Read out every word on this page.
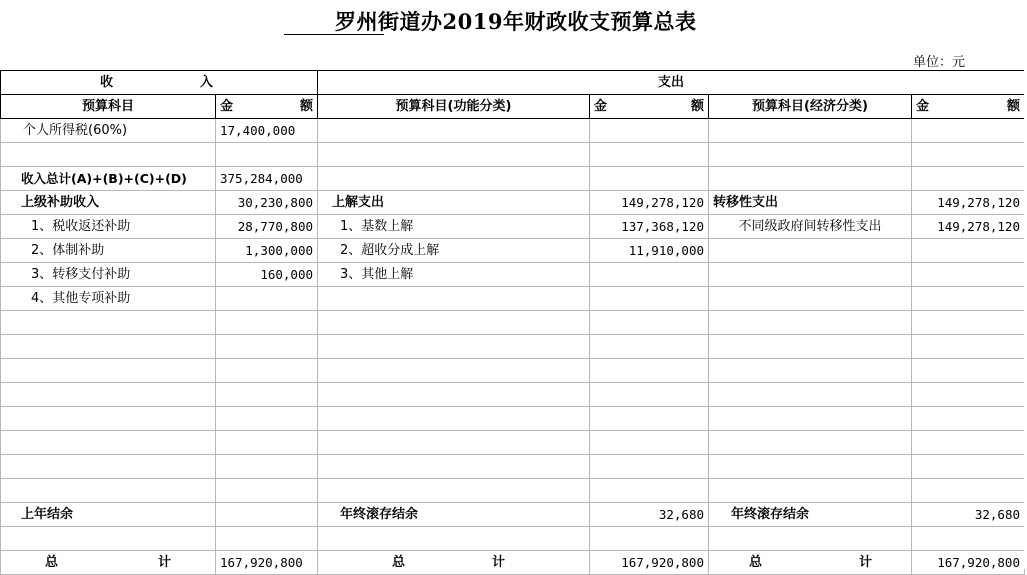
罗州街道办2019年财政收支预算总表
单位：元
收 入		支出			
预算科目	金 额	预算科目(功能分类)	金 额	预算科目(经济分类)	金 额

个人所得税(60%)	17,400,000				

收入总计(A)+(B)+(C)+(D)	375,284,000				
上级补助收入	30,230,800	上解支出	149,278,120	转移性支出	149,278,120
1、税收返还补助	28,770,800	1、基数上解	137,368,120	不同级政府间转移性支出	149,278,120
2、体制补助	1,300,000	2、超收分成上解	11,910,000		
3、转移支付补助	160,000	3、其他上解			
4、其他专项补助					

上年结余		年终滚存结余	32,680	年终滚存结余	32,680

总 计	167,920,800	总 计	167,920,800	总 计	167,920,800
